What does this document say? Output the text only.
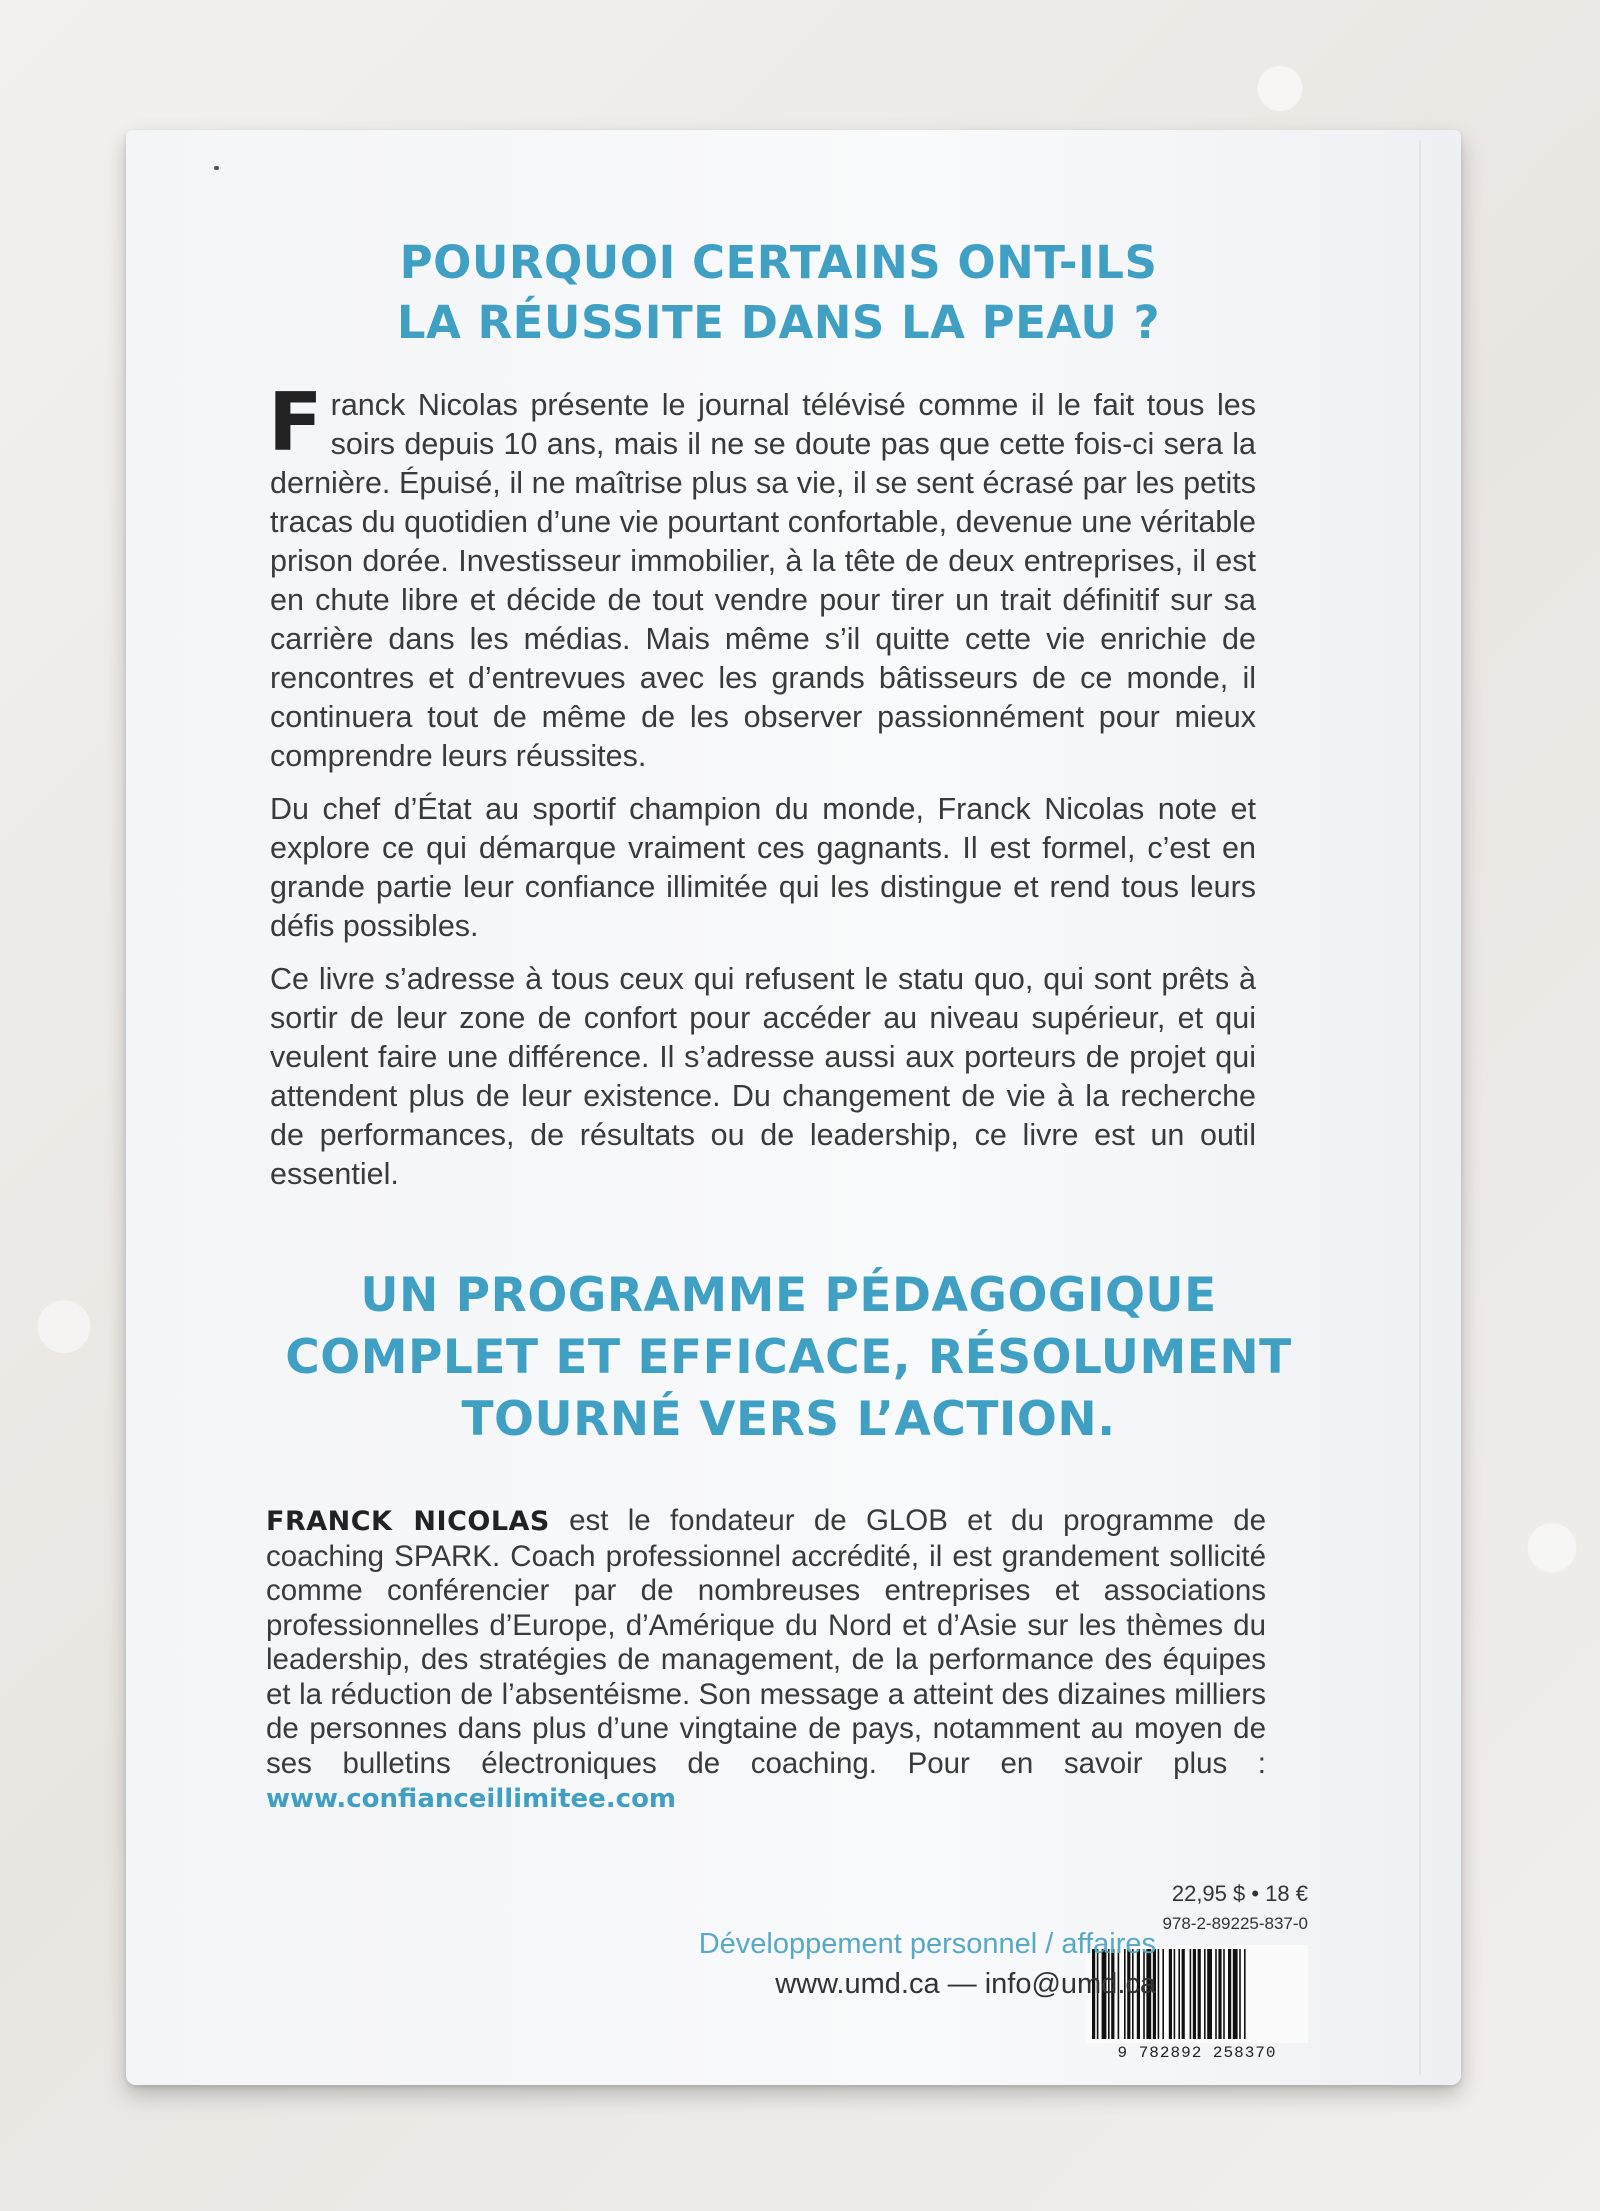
POURQUOI CERTAINS ONT-ILS
LA RÉUSSITE DANS LA PEAU ?
Franck Nicolas présente le journal télévisé comme il le fait tous les soirs depuis 10 ans, mais il ne se doute pas que cette fois-ci sera la dernière. Épuisé, il ne maîtrise plus sa vie, il se sent écrasé par les petits tracas du quotidien d’une vie pourtant confortable, devenue une véritable prison dorée. Investisseur immobilier, à la tête de deux entreprises, il est en chute libre et décide de tout vendre pour tirer un trait définitif sur sa carrière dans les médias. Mais même s’il quitte cette vie enrichie de rencontres et d’entrevues avec les grands bâtisseurs de ce monde, il continuera tout de même de les observer passionnément pour mieux comprendre leurs réussites.
Du chef d’État au sportif champion du monde, Franck Nicolas note et explore ce qui démarque vraiment ces gagnants. Il est formel, c’est en grande partie leur confiance illimitée qui les distingue et rend tous leurs défis possibles.
Ce livre s’adresse à tous ceux qui refusent le statu quo, qui sont prêts à sortir de leur zone de confort pour accéder au niveau supérieur, et qui veulent faire une différence. Il s’adresse aussi aux porteurs de projet qui attendent plus de leur existence. Du changement de vie à la recherche de performances, de résultats ou de leadership, ce livre est un outil essentiel.
UN PROGRAMME PÉDAGOGIQUE
COMPLET ET EFFICACE, RÉSOLUMENT
TOURNÉ VERS L’ACTION.
FRANCK NICOLAS est le fondateur de GLOB et du programme de coaching SPARK. Coach professionnel accrédité, il est grandement sollicité comme conférencier par de nombreuses entreprises et associations professionnelles d’Europe, d’Amérique du Nord et d’Asie sur les thèmes du leadership, des stratégies de management, de la performance des équipes et la réduction de l’absentéisme. Son message a atteint des dizaines milliers de personnes dans plus d’une vingtaine de pays, notamment au moyen de ses bulletins électroniques de coaching. Pour en savoir plus : www.confianceillimitee.com
22,95 $ • 18 €
978-2-89225-837-0
9 782892 258370
Développement personnel / affaires
www.umd.ca — info@umd.ca
